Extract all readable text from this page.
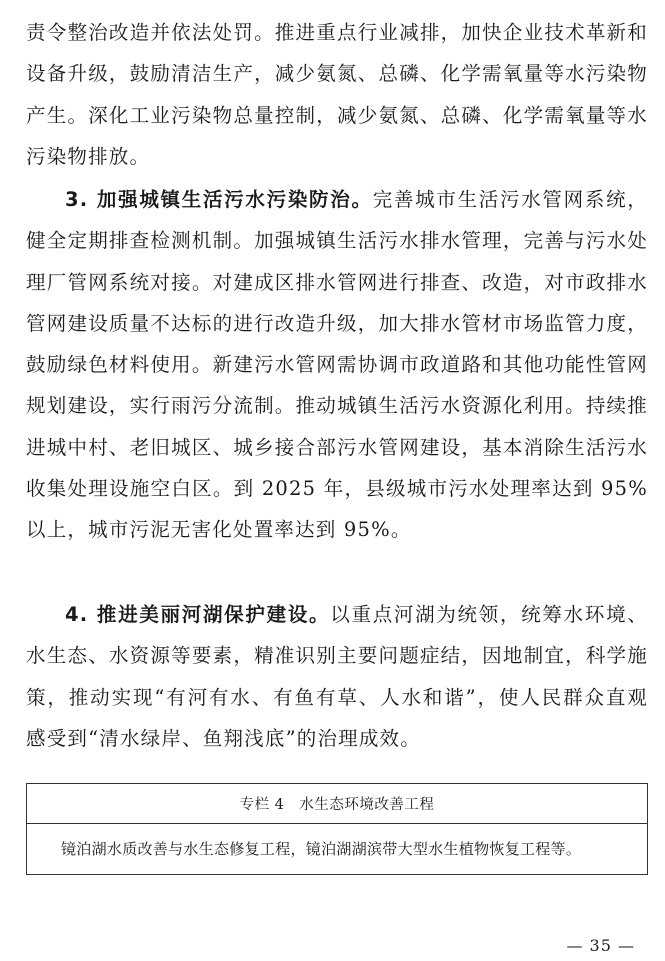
责令整治改造并依法处罚。推进重点行业减排，加快企业技术革新和设备升级，鼓励清洁生产，减少氨氮、总磷、化学需氧量等水污染物产生。深化工业污染物总量控制，减少氨氮、总磷、化学需氧量等水污染物排放。

3. 加强城镇生活污水污染防治。完善城市生活污水管网系统，健全定期排查检测机制。加强城镇生活污水排水管理，完善与污水处理厂管网系统对接。对建成区排水管网进行排查、改造，对市政排水管网建设质量不达标的进行改造升级，加大排水管材市场监管力度，鼓励绿色材料使用。新建污水管网需协调市政道路和其他功能性管网规划建设，实行雨污分流制。推动城镇生活污水资源化利用。持续推进城中村、老旧城区、城乡接合部污水管网建设，基本消除生活污水收集处理设施空白区。到 2025 年，县级城市污水处理率达到 95%以上，城市污泥无害化处置率达到 95%。

4. 推进美丽河湖保护建设。以重点河湖为统领，统筹水环境、水生态、水资源等要素，精准识别主要问题症结，因地制宜，科学施策，推动实现“有河有水、有鱼有草、人水和谐”，使人民群众直观感受到“清水绿岸、鱼翔浅底”的治理成效。

专栏 4　水生态环境改善工程
镜泊湖水质改善与水生态修复工程，镜泊湖湖滨带大型水生植物恢复工程等。
— 35 —
